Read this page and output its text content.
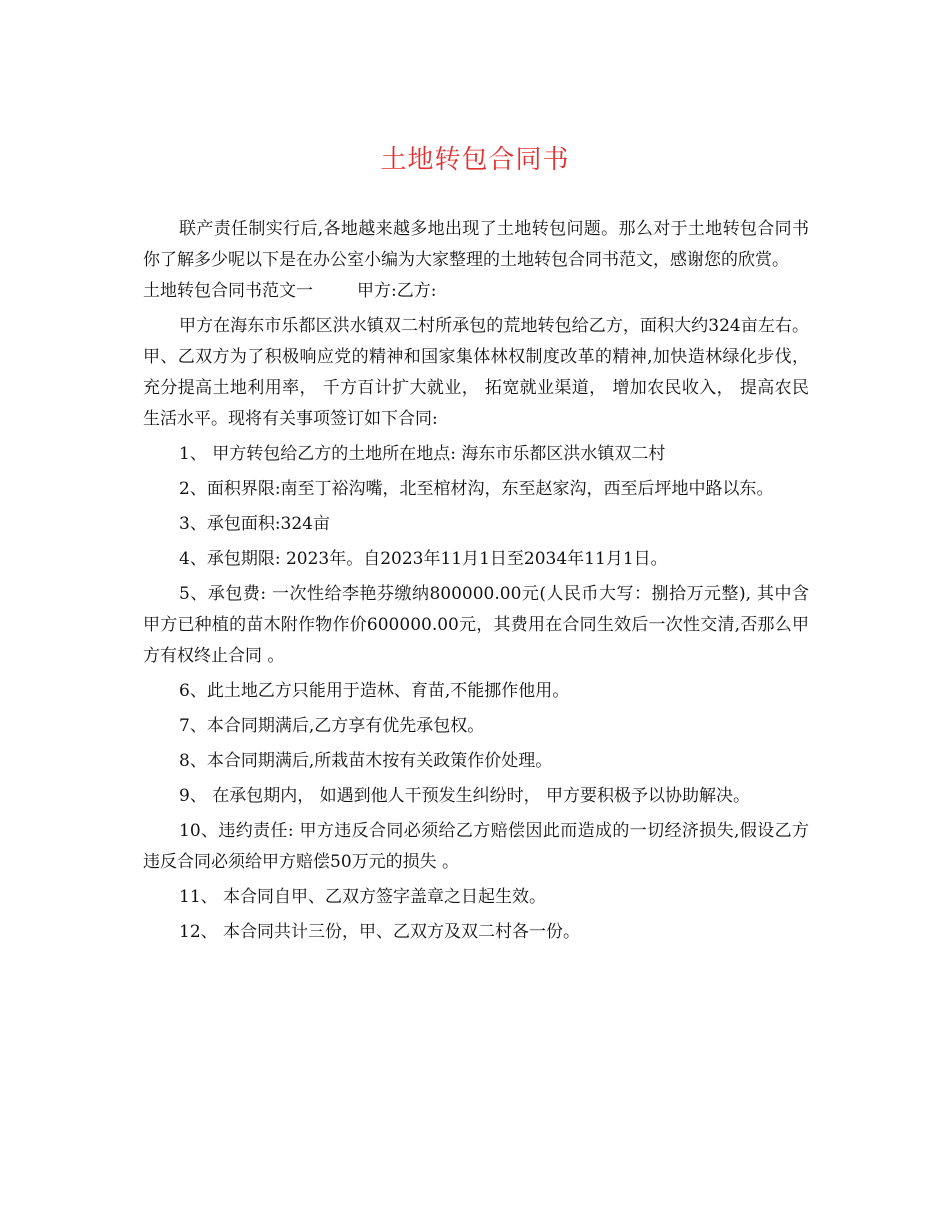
土地转包合同书

联产责任制实行后,各地越来越多地出现了土地转包问题。那么对于土地转包合同书你了解多少呢以下是在办公室小编为大家整理的土地转包合同书范文，感谢您的欣赏。

土地转包合同书范文一	甲方:乙方:

甲方在海东市乐都区洪水镇双二村所承包的荒地转包给乙方，面积大约324亩左右。甲、乙双方为了积极响应党的精神和国家集体林权制度改革的精神,加快造林绿化步伐， 充分提高土地利用率， 千方百计扩大就业， 拓宽就业渠道， 增加农民收入， 提高农民生活水平。现将有关事项签订如下合同:

1、 甲方转包给乙方的土地所在地点: 海东市乐都区洪水镇双二村

2、面积界限:南至丁裕沟嘴，北至棺材沟，东至赵家沟，西至后坪地中路以东。

3、承包面积:324亩

4、承包期限: 2023年。自2023年11月1日至2034年11月1日。

5、承包费: 一次性给李艳芬缴纳800000.00元(人民币大写：捌拾万元整), 其中含甲方已种植的苗木附作物作价600000.00元，其费用在合同生效后一次性交清,否那么甲方有权终止合同 。

6、此土地乙方只能用于造林、育苗,不能挪作他用。

7、本合同期满后,乙方享有优先承包权。

8、本合同期满后,所栽苗木按有关政策作价处理。

9、 在承包期内， 如遇到他人干预发生纠纷时， 甲方要积极予以协助解决。

10、违约责任: 甲方违反合同必须给乙方赔偿因此而造成的一切经济损失,假设乙方违反合同必须给甲方赔偿50万元的损失 。

11、 本合同自甲、乙双方签字盖章之日起生效。

12、 本合同共计三份，甲、乙双方及双二村各一份。
